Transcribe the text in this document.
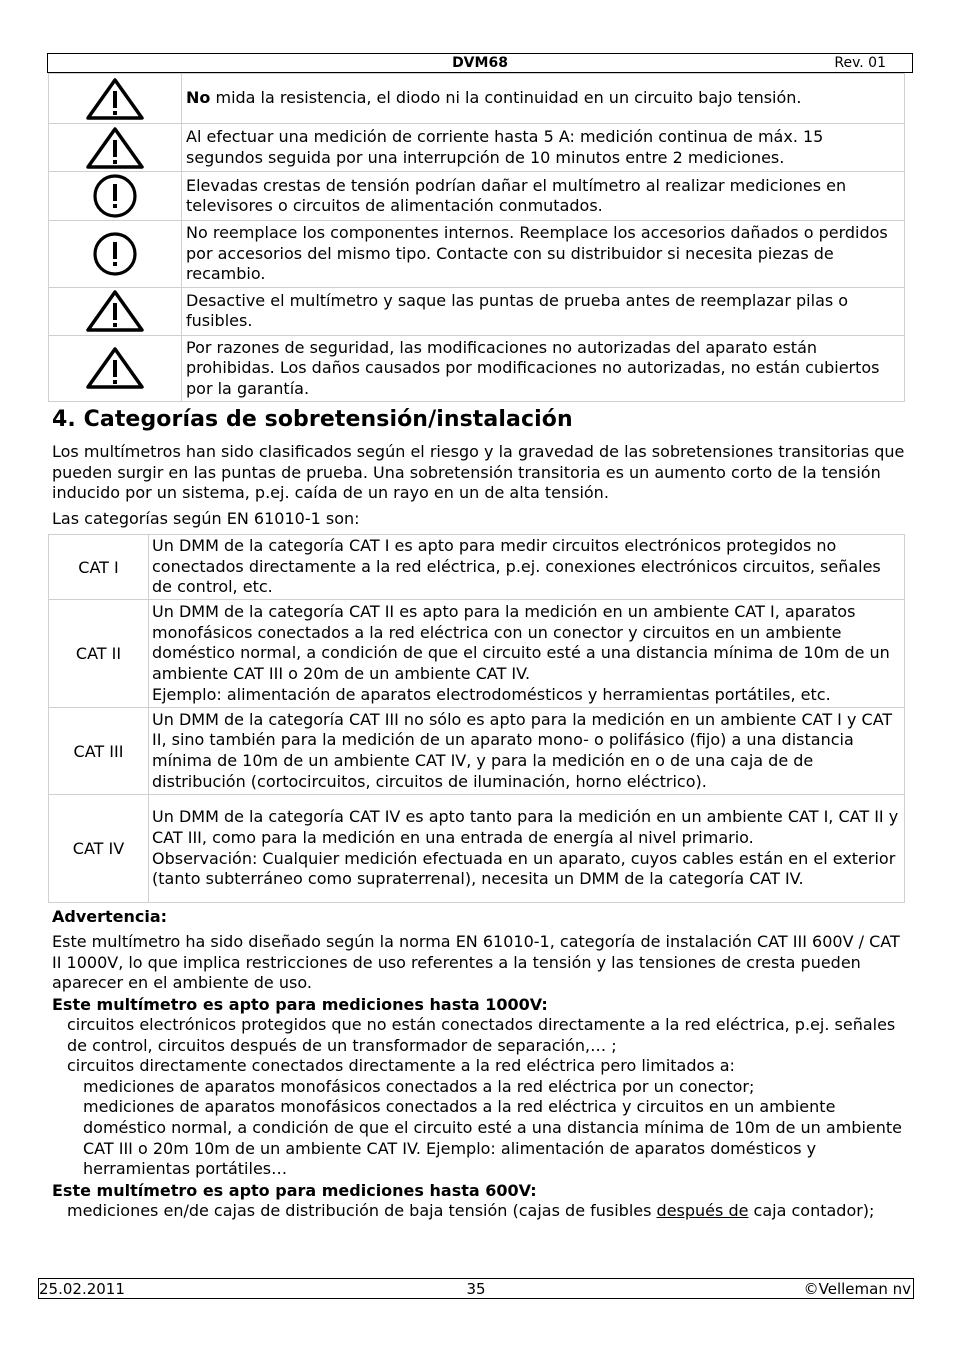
DVM68	Rev. 01
	No mida la resistencia, el diodo ni la continuidad en un circuito bajo tensión.

	Al efectuar una medición de corriente hasta 5 A: medición continua de máx. 15 segundos seguida por una interrupción de 10 minutos entre 2 mediciones.

	Elevadas crestas de tensión podrían dañar el multímetro al realizar mediciones en televisores o circuitos de alimentación conmutados.

	No reemplace los componentes internos. Reemplace los accesorios dañados o perdidos por accesorios del mismo tipo. Contacte con su distribuidor si necesita piezas de recambio.

	Desactive el multímetro y saque las puntas de prueba antes de reemplazar pilas o fusibles.

	Por razones de seguridad, las modificaciones no autorizadas del aparato están prohibidas. Los daños causados por modificaciones no autorizadas, no están cubiertos por la garantía.
4. Categorías de sobretensión/instalación

Los multímetros han sido clasificados según el riesgo y la gravedad de las sobretensiones transitorias que pueden surgir en las puntas de prueba. Una sobretensión transitoria es un aumento corto de la tensión inducido por un sistema, p.ej. caída de un rayo en un de alta tensión.

Las categorías según EN 61010-1 son:

CAT I	Un DMM de la categoría CAT I es apto para medir circuitos electrónicos protegidos no conectados directamente a la red eléctrica, p.ej. conexiones electrónicos circuitos, señales de control, etc.

CAT II	Un DMM de la categoría CAT II es apto para la medición en un ambiente CAT I, aparatos monofásicos conectados a la red eléctrica con un conector y circuitos en un ambiente doméstico normal, a condición de que el circuito esté a una distancia mínima de 10m de un ambiente CAT III o 20m de un ambiente CAT IV.
Ejemplo: alimentación de aparatos electrodomésticos y herramientas portátiles, etc.

CAT III	Un DMM de la categoría CAT III no sólo es apto para la medición en un ambiente CAT I y CAT II, sino también para la medición de un aparato mono- o polifásico (fijo) a una distancia mínima de 10m de un ambiente CAT IV, y para la medición en o de una caja de de distribución (cortocircuitos, circuitos de iluminación, horno eléctrico).

CAT IV	Un DMM de la categoría CAT IV es apto tanto para la medición en un ambiente CAT I, CAT II y CAT III, como para la medición en una entrada de energía al nivel primario.
Observación: Cualquier medición efectuada en un aparato, cuyos cables están en el exterior (tanto subterráneo como supraterrenal), necesita un DMM de la categoría CAT IV.
Advertencia:
Este multímetro ha sido diseñado según la norma EN 61010-1, categoría de instalación CAT III 600V / CAT II 1000V, lo que implica restricciones de uso referentes a la tensión y las tensiones de cresta pueden aparecer en el ambiente de uso.
Este multímetro es apto para mediciones hasta 1000V:
circuitos electrónicos protegidos que no están conectados directamente a la red eléctrica, p.ej. señales de control, circuitos después de un transformador de separación,… ;
circuitos directamente conectados directamente a la red eléctrica pero limitados a:
mediciones de aparatos monofásicos conectados a la red eléctrica por un conector;
mediciones de aparatos monofásicos conectados a la red eléctrica y circuitos en un ambiente doméstico normal, a condición de que el circuito esté a una distancia mínima de 10m de un ambiente CAT III o 20m 10m de un ambiente CAT IV. Ejemplo: alimentación de aparatos domésticos y herramientas portátiles…
Este multímetro es apto para mediciones hasta 600V:
mediciones en/de cajas de distribución de baja tensión (cajas de fusibles después de caja contador);
25.02.2011	35	©Velleman nv
